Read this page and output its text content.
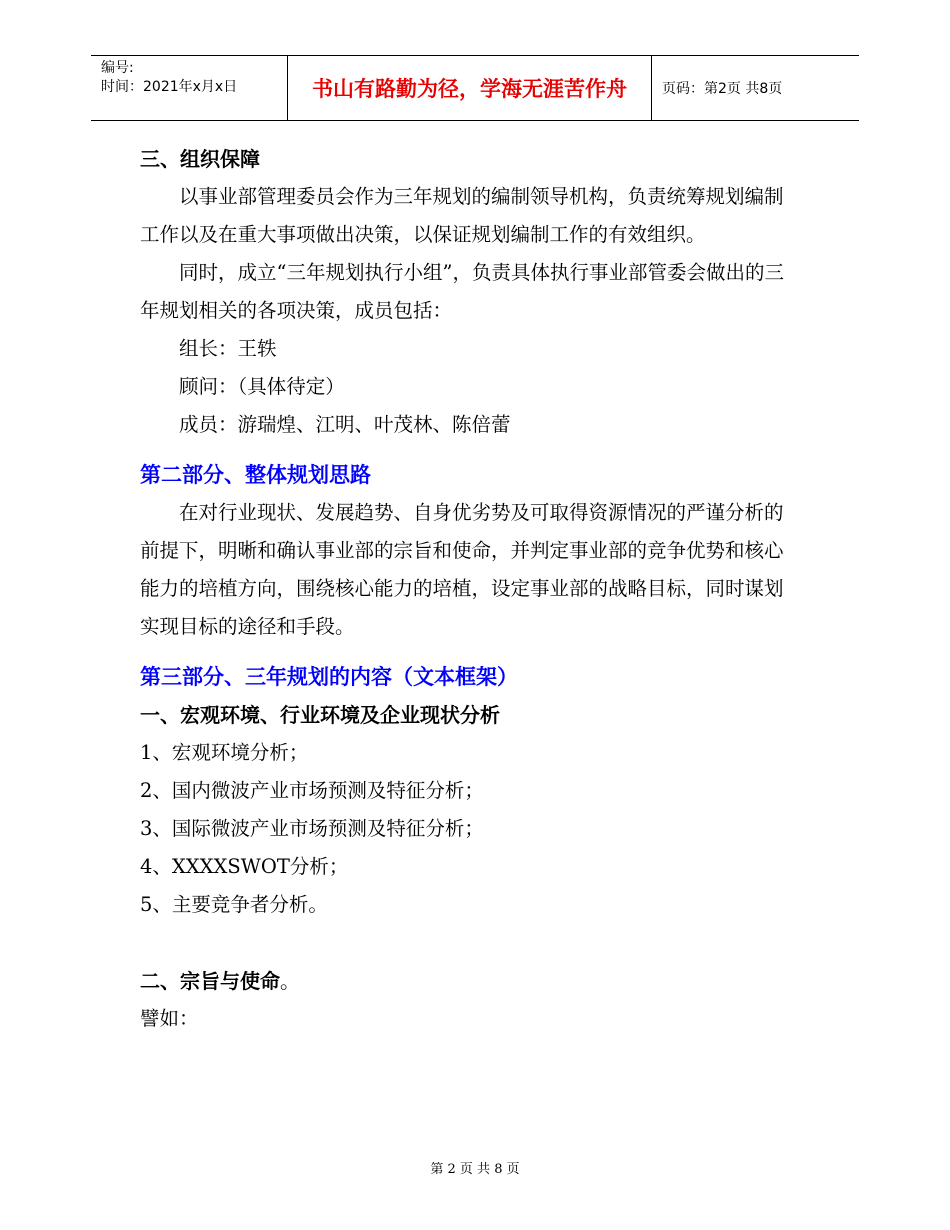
编号:
时间：2021年x月x日	书山有路勤为径，学海无涯苦作舟	页码：第2页 共8页
三、组织保障

以事业部管理委员会作为三年规划的编制领导机构，负责统筹规划编制工作以及在重大事项做出决策，以保证规划编制工作的有效组织。

同时，成立“三年规划执行小组”，负责具体执行事业部管委会做出的三年规划相关的各项决策，成员包括：

组长：王轶

顾问：（具体待定）

成员：游瑞煌、江明、叶茂林、陈倍蕾

第二部分、整体规划思路

在对行业现状、发展趋势、自身优劣势及可取得资源情况的严谨分析的前提下，明晰和确认事业部的宗旨和使命，并判定事业部的竞争优势和核心能力的培植方向，围绕核心能力的培植，设定事业部的战略目标，同时谋划实现目标的途径和手段。

第三部分、三年规划的内容（文本框架）
一、宏观环境、行业环境及企业现状分析

1、宏观环境分析；

2、国内微波产业市场预测及特征分析；

3、国际微波产业市场预测及特征分析；

4、XXXXSWOT分析；

5、主要竞争者分析。

二、宗旨与使命。

譬如：

第 2 页 共 8 页
